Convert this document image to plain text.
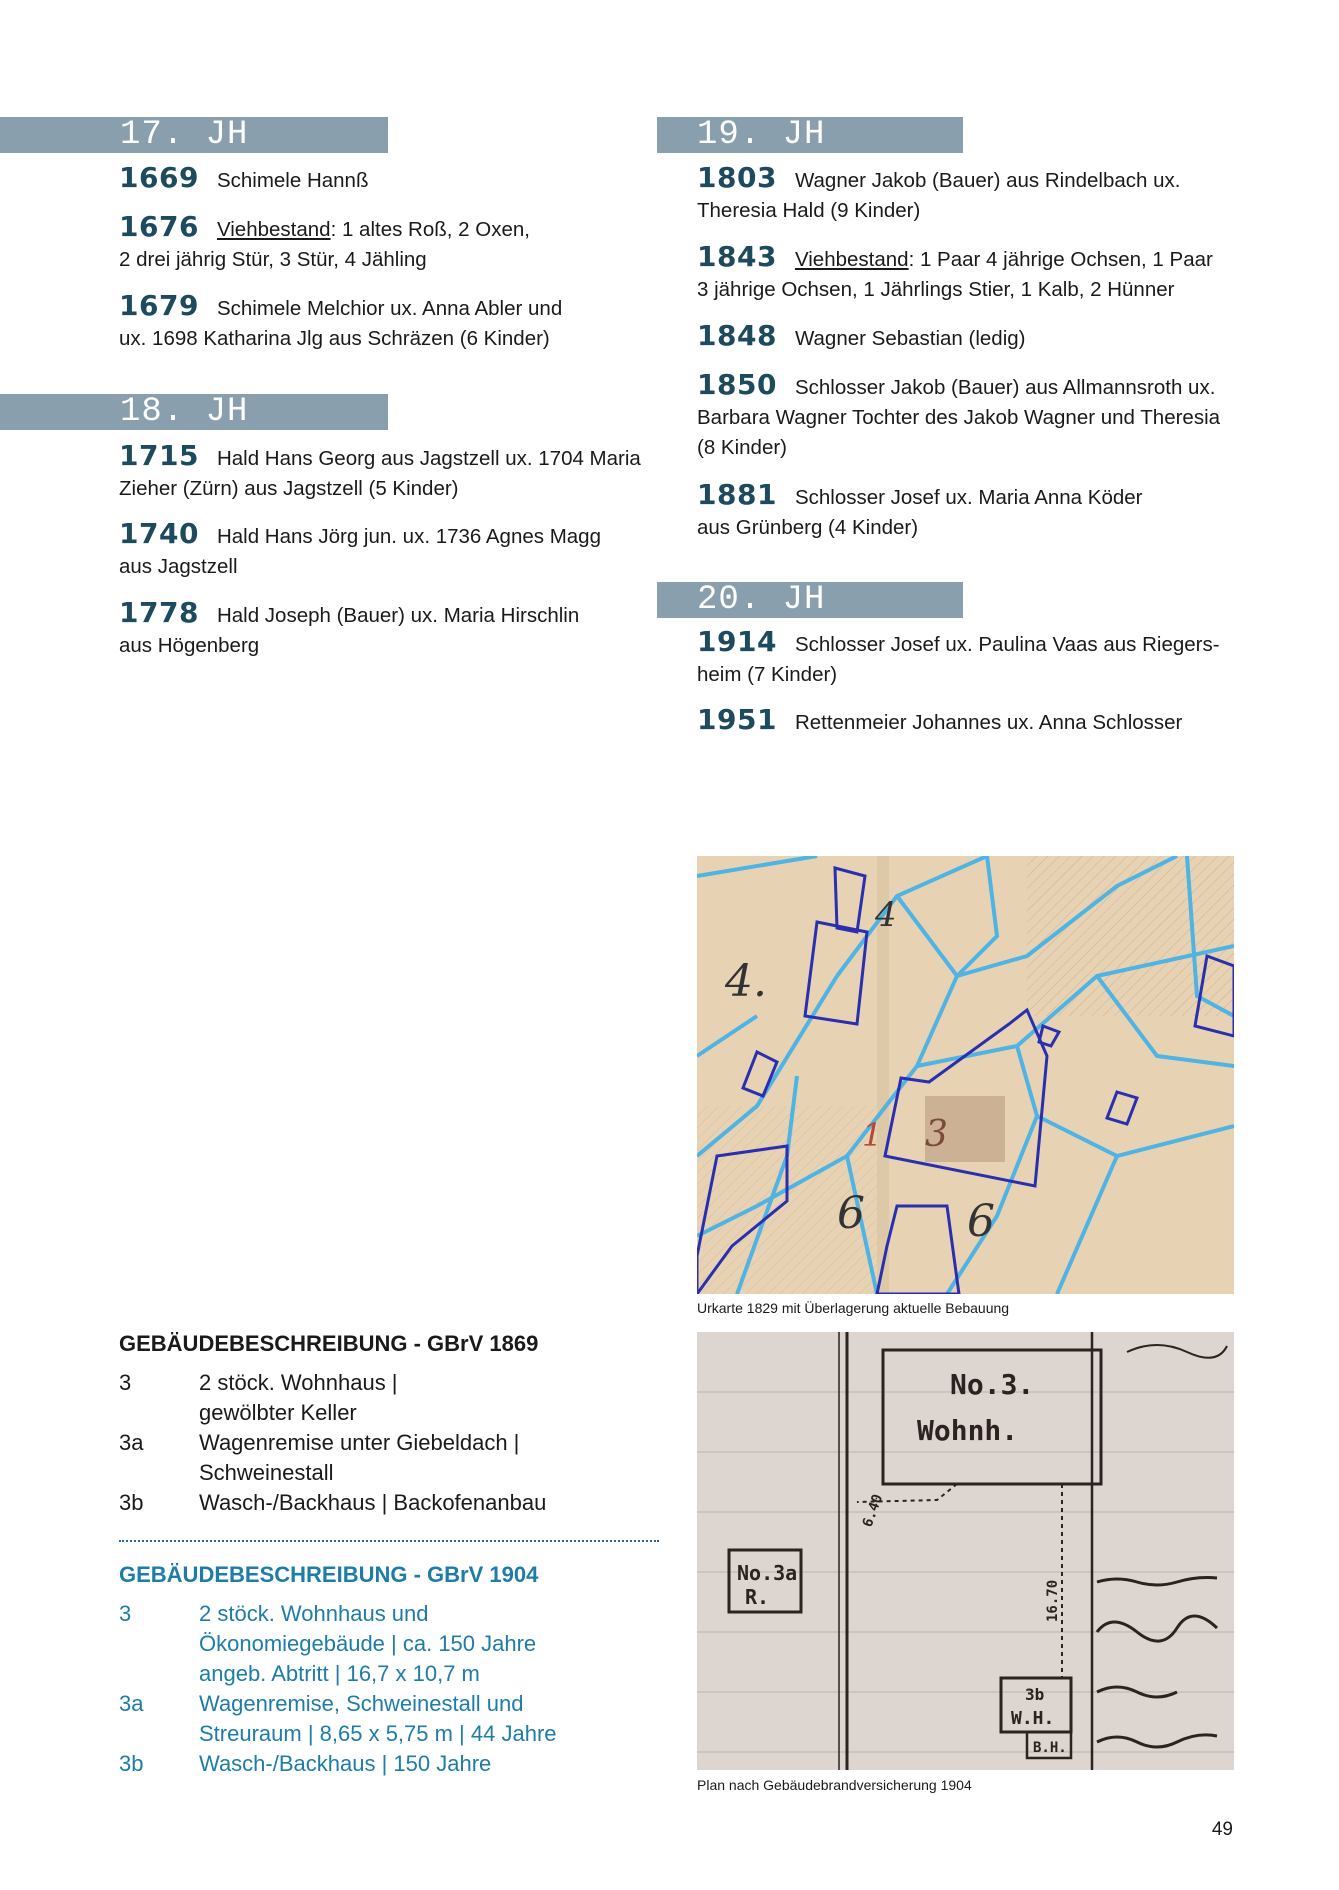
17. JH
18. JH
19. JH
20. JH
1669 Schimele Hannß
1676 Viehbestand: 1 altes Roß, 2 Oxen,
2 drei jährig Stür, 3 Stür, 4 Jähling
1679 Schimele Melchior ux. Anna Abler und
ux. 1698 Katharina Jlg aus Schräzen (6 Kinder)
1715 Hald Hans Georg aus Jagstzell ux. 1704 Maria
Zieher (Zürn) aus Jagstzell (5 Kinder)
1740 Hald Hans Jörg jun. ux. 1736 Agnes Magg
aus Jagstzell
1778 Hald Joseph (Bauer) ux. Maria Hirschlin
aus Högenberg
1803 Wagner Jakob (Bauer) aus Rindelbach ux.
Theresia Hald (9 Kinder)
1843 Viehbestand: 1 Paar 4 jährige Ochsen, 1 Paar
3 jährige Ochsen, 1 Jährlings Stier, 1 Kalb, 2 Hünner
1848 Wagner Sebastian (ledig)
1850 Schlosser Jakob (Bauer) aus Allmannsroth ux.
Barbara Wagner Tochter des Jakob Wagner und Theresia
(8 Kinder)
1881 Schlosser Josef ux. Maria Anna Köder
aus Grünberg (4 Kinder)
1914 Schlosser Josef ux. Paulina Vaas aus Riegers-
heim (7 Kinder)
1951 Rettenmeier Johannes ux. Anna Schlosser
4.
4
6 6
1 3
Urkarte 1829 mit Überlagerung aktuelle Bebauung
No.3.
Wohnh.
No.3a
R.
3b
W.H.
B.H.
6.40
16.70
Plan nach Gebäudebrandversicherung 1904
GEBÄUDEBESCHREIBUNG - GBrV 1869
3	2 stöck. Wohnhaus |
gewölbter Keller
3a	Wagenremise unter Giebeldach |
Schweinestall
3b	Wasch-/Backhaus | Backofenanbau
GEBÄUDEBESCHREIBUNG - GBrV 1904
3	2 stöck. Wohnhaus und
Ökonomiegebäude | ca. 150 Jahre
angeb. Abtritt | 16,7 x 10,7 m
3a	Wagenremise, Schweinestall und
Streuraum | 8,65 x 5,75 m | 44 Jahre
3b	Wasch-/Backhaus | 150 Jahre
49
